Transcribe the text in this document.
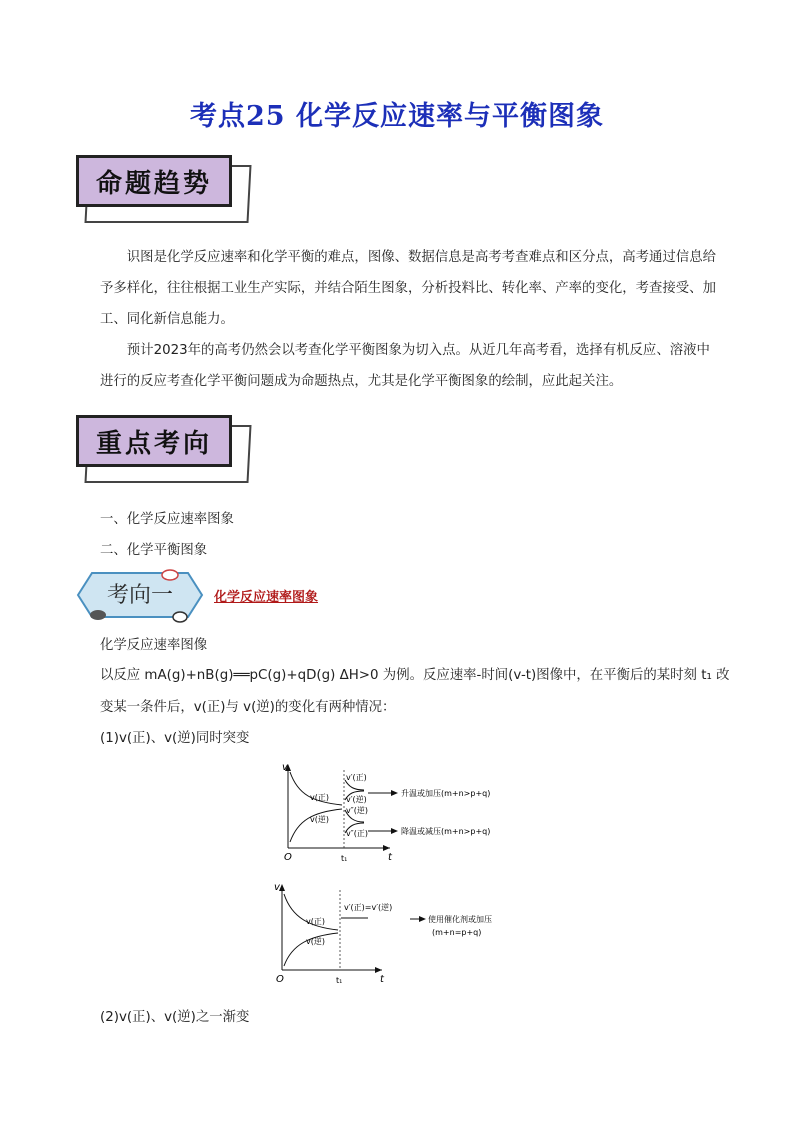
考点25 化学反应速率与平衡图象
命题趋势
识图是化学反应速率和化学平衡的难点，图像、数据信息是高考考查难点和区分点，高考通过信息给予多样化，往往根据工业生产实际，并结合陌生图象，分析投料比、转化率、产率的变化，考查接受、加工、同化新信息能力。
预计2023年的高考仍然会以考查化学平衡图象为切入点。从近几年高考看，选择有机反应、溶液中进行的反应考查化学平衡问题成为命题热点，尤其是化学平衡图象的绘制，应此起关注。
重点考向
一、化学反应速率图象
二、化学平衡图象
考向一	化学反应速率图象
化学反应速率图像
以反应 mA(g)+nB(g)══pC(g)+qD(g) ΔH>0 为例。反应速率-时间(v-t)图像中，在平衡后的某时刻 t₁ 改
变某一条件后，v(正)与 v(逆)的变化有两种情况：
(1)v(正)、v(逆)同时突变
v
O	t
t₁
v(正)
v(逆)
v′(正)
v′(逆)
v″(逆)
v″(正)
升温或加压(m+n>p+q)
降温或减压(m+n>p+q)
v
O	t
t₁
v(正)
v(逆)
v′(正)=v′(逆)
使用催化剂或加压
(m+n=p+q)
(2)v(正)、v(逆)之一渐变
